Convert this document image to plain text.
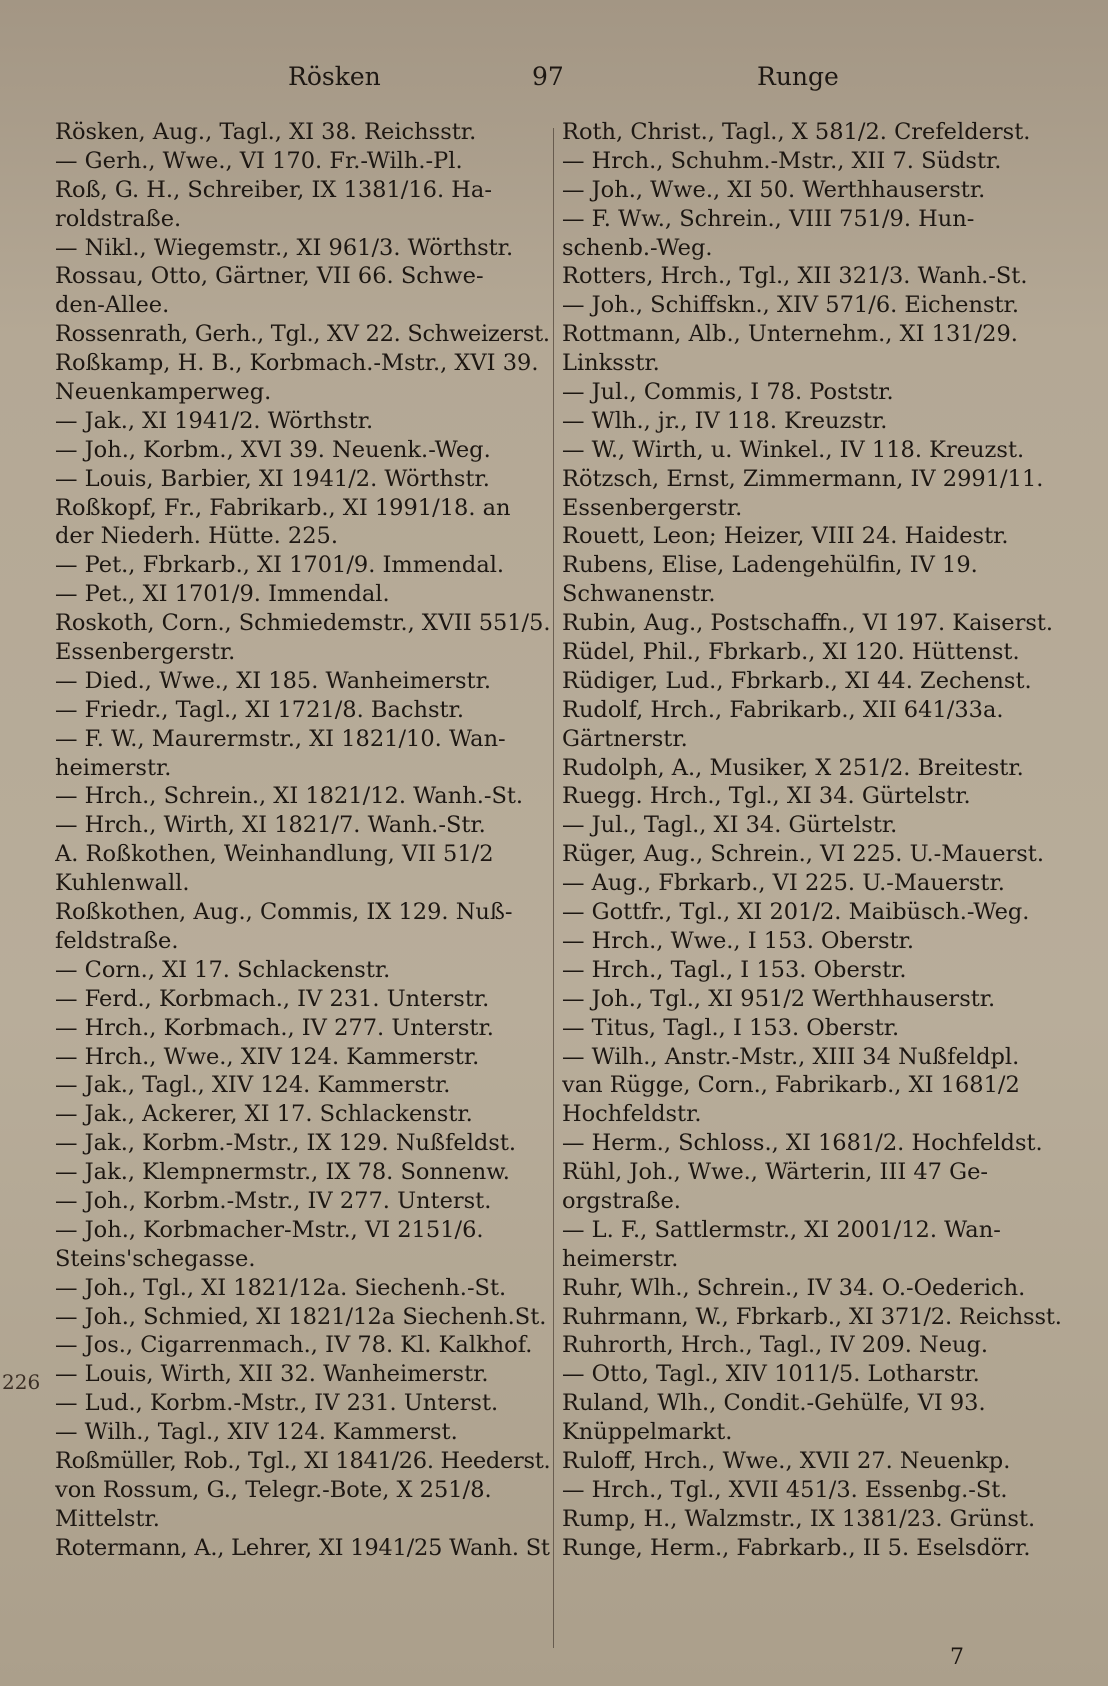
Rösken	97	Runge
Rösken, Aug., Tagl., XI 38. Reichsstr.
— Gerh., Wwe., VI 170. Fr.-Wilh.-Pl.
Roß, G. H., Schreiber, IX 1381/16. Ha-
roldstraße.
— Nikl., Wiegemstr., XI 961/3. Wörthstr.
Rossau, Otto, Gärtner, VII 66. Schwe-
den-Allee.
Rossenrath, Gerh., Tgl., XV 22. Schweizerst.
Roßkamp, H. B., Korbmach.-Mstr., XVI 39.
Neuenkamperweg.
— Jak., XI 1941/2. Wörthstr.
— Joh., Korbm., XVI 39. Neuenk.-Weg.
— Louis, Barbier, XI 1941/2. Wörthstr.
Roßkopf, Fr., Fabrikarb., XI 1991/18. an
der Niederh. Hütte. 225.
— Pet., Fbrkarb., XI 1701/9. Immendal.
— Pet., XI 1701/9. Immendal.
Roskoth, Corn., Schmiedemstr., XVII 551/5.
Essenbergerstr.
— Died., Wwe., XI 185. Wanheimerstr.
— Friedr., Tagl., XI 1721/8. Bachstr.
— F. W., Maurermstr., XI 1821/10. Wan-
heimerstr.
— Hrch., Schrein., XI 1821/12. Wanh.-St.
— Hrch., Wirth, XI 1821/7. Wanh.-Str.
A. Roßkothen, Weinhandlung, VII 51/2
Kuhlenwall.
Roßkothen, Aug., Commis, IX 129. Nuß-
feldstraße.
— Corn., XI 17. Schlackenstr.
— Ferd., Korbmach., IV 231. Unterstr.
— Hrch., Korbmach., IV 277. Unterstr.
— Hrch., Wwe., XIV 124. Kammerstr.
— Jak., Tagl., XIV 124. Kammerstr.
— Jak., Ackerer, XI 17. Schlackenstr.
— Jak., Korbm.-Mstr., IX 129. Nußfeldst.
— Jak., Klempnermstr., IX 78. Sonnenw.
— Joh., Korbm.-Mstr., IV 277. Unterst.
— Joh., Korbmacher-Mstr., VI 2151/6.
Steins'schegasse.
— Joh., Tgl., XI 1821/12a. Siechenh.-St.
— Joh., Schmied, XI 1821/12a Siechenh.St.
— Jos., Cigarrenmach., IV 78. Kl. Kalkhof.
— Louis, Wirth, XII 32. Wanheimerstr.
— Lud., Korbm.-Mstr., IV 231. Unterst.
— Wilh., Tagl., XIV 124. Kammerst.
Roßmüller, Rob., Tgl., XI 1841/26. Heederst.
von Rossum, G., Telegr.-Bote, X 251/8.
Mittelstr.
Rotermann, A., Lehrer, XI 1941/25 Wanh. St
Roth, Christ., Tagl., X 581/2. Crefelderst.
— Hrch., Schuhm.-Mstr., XII 7. Südstr.
— Joh., Wwe., XI 50. Werthhauserstr.
— F. Ww., Schrein., VIII 751/9. Hun-
schenb.-Weg.
Rotters, Hrch., Tgl., XII 321/3. Wanh.-St.
— Joh., Schiffskn., XIV 571/6. Eichenstr.
Rottmann, Alb., Unternehm., XI 131/29.
Linksstr.
— Jul., Commis, I 78. Poststr.
— Wlh., jr., IV 118. Kreuzstr.
— W., Wirth, u. Winkel., IV 118. Kreuzst.
Rötzsch, Ernst, Zimmermann, IV 2991/11.
Essenbergerstr.
Rouett, Leon; Heizer, VIII 24. Haidestr.
Rubens, Elise, Ladengehülfin, IV 19.
Schwanenstr.
Rubin, Aug., Postschaffn., VI 197. Kaiserst.
Rüdel, Phil., Fbrkarb., XI 120. Hüttenst.
Rüdiger, Lud., Fbrkarb., XI 44. Zechenst.
Rudolf, Hrch., Fabrikarb., XII 641/33a.
Gärtnerstr.
Rudolph, A., Musiker, X 251/2. Breitestr.
Ruegg. Hrch., Tgl., XI 34. Gürtelstr.
— Jul., Tagl., XI 34. Gürtelstr.
Rüger, Aug., Schrein., VI 225. U.-Mauerst.
— Aug., Fbrkarb., VI 225. U.-Mauerstr.
— Gottfr., Tgl., XI 201/2. Maibüsch.-Weg.
— Hrch., Wwe., I 153. Oberstr.
— Hrch., Tagl., I 153. Oberstr.
— Joh., Tgl., XI 951/2 Werthhauserstr.
— Titus, Tagl., I 153. Oberstr.
— Wilh., Anstr.-Mstr., XIII 34 Nußfeldpl.
van Rügge, Corn., Fabrikarb., XI 1681/2
Hochfeldstr.
— Herm., Schloss., XI 1681/2. Hochfeldst.
Rühl, Joh., Wwe., Wärterin, III 47 Ge-
orgstraße.
— L. F., Sattlermstr., XI 2001/12. Wan-
heimerstr.
Ruhr, Wlh., Schrein., IV 34. O.-Oederich.
Ruhrmann, W., Fbrkarb., XI 371/2. Reichsst.
Ruhrorth, Hrch., Tagl., IV 209. Neug.
— Otto, Tagl., XIV 1011/5. Lotharstr.
Ruland, Wlh., Condit.-Gehülfe, VI 93.
Knüppelmarkt.
Ruloff, Hrch., Wwe., XVII 27. Neuenkp.
— Hrch., Tgl., XVII 451/3. Essenbg.-St.
Rump, H., Walzmstr., IX 1381/23. Grünst.
Runge, Herm., Fabrkarb., II 5. Eselsdörr.
226
7
